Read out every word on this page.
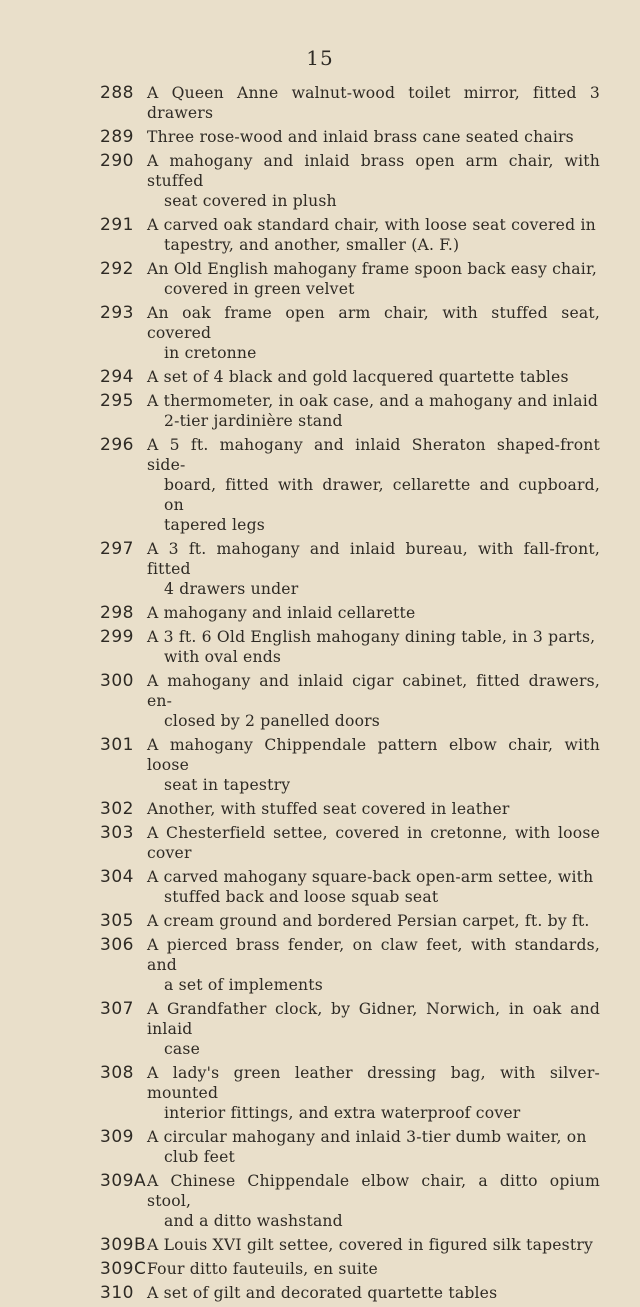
15
288 A Queen Anne walnut-wood toilet mirror, fitted 3 drawers
289 Three rose-wood and inlaid brass cane seated chairs
290 A mahogany and inlaid brass open arm chair, with stuffed
seat covered in plush
291 A carved oak standard chair, with loose seat covered in
tapestry, and another, smaller (A. F.)
292 An Old English mahogany frame spoon back easy chair,
covered in green velvet
293 An oak frame open arm chair, with stuffed seat, covered
in cretonne
294 A set of 4 black and gold lacquered quartette tables
295 A thermometer, in oak case, and a mahogany and inlaid
2-tier jardinière stand
296 A 5 ft. mahogany and inlaid Sheraton shaped-front side-
board, fitted with drawer, cellarette and cupboard, on
tapered legs
297 A 3 ft. mahogany and inlaid bureau, with fall-front, fitted
4 drawers under
298 A mahogany and inlaid cellarette
299 A 3 ft. 6 Old English mahogany dining table, in 3 parts,
with oval ends
300 A mahogany and inlaid cigar cabinet, fitted drawers, en-
closed by 2 panelled doors
301 A mahogany Chippendale pattern elbow chair, with loose
seat in tapestry
302 Another, with stuffed seat covered in leather
303 A Chesterfield settee, covered in cretonne, with loose cover
304 A carved mahogany square-back open-arm settee, with
stuffed back and loose squab seat
305 A cream ground and bordered Persian carpet, ft. by ft.
306 A pierced brass fender, on claw feet, with standards, and
a set of implements
307 A Grandfather clock, by Gidner, Norwich, in oak and inlaid
case
308 A lady's green leather dressing bag, with silver-mounted
interior fittings, and extra waterproof cover
309 A circular mahogany and inlaid 3-tier dumb waiter, on
club feet
309A A Chinese Chippendale elbow chair, a ditto opium stool,
and a ditto washstand
309B A Louis XVI gilt settee, covered in figured silk tapestry
309C Four ditto fauteuils, en suite
310 A set of gilt and decorated quartette tables
